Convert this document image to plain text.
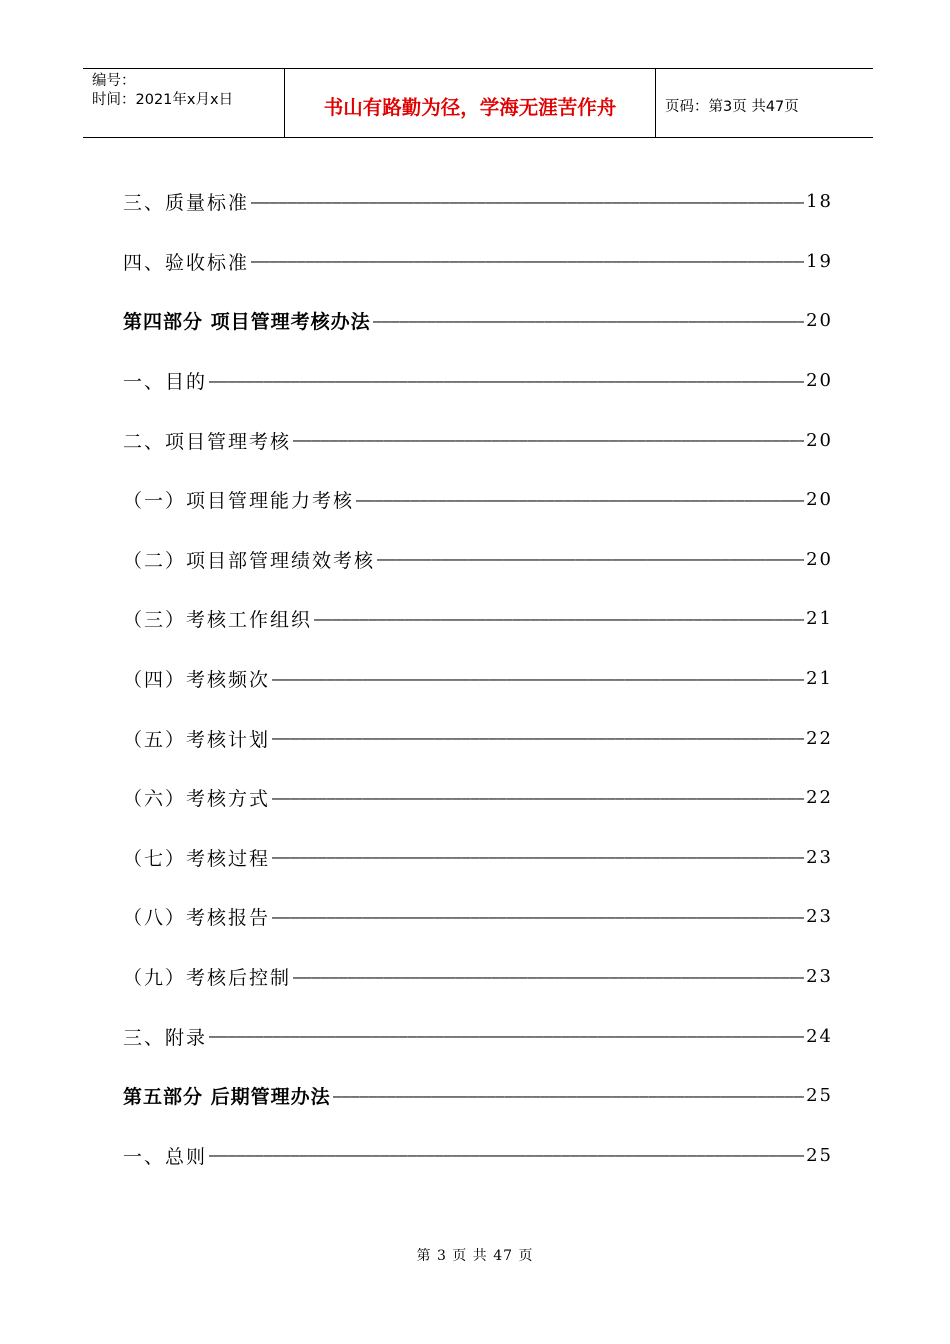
编号：
时间：2021年x月x日	书山有路勤为径，学海无涯苦作舟	页码：第3页 共47页
三、质量标准 —————	18
四、验收标准 —————	19
第四部分 项目管理考核办法 —————	20
一、目的 —————	20
二、项目管理考核 —————	20
（一）项目管理能力考核 —————	20
（二）项目部管理绩效考核 —————	20
（三）考核工作组织 —————	21
（四）考核频次 —————	21
（五）考核计划 —————	22
（六）考核方式 —————	22
（七）考核过程 —————	23
（八）考核报告 —————	23
（九）考核后控制 —————	23
三、附录 —————	24
第五部分 后期管理办法 —————	25
一、总则 —————	25
第 3 页 共 47 页
